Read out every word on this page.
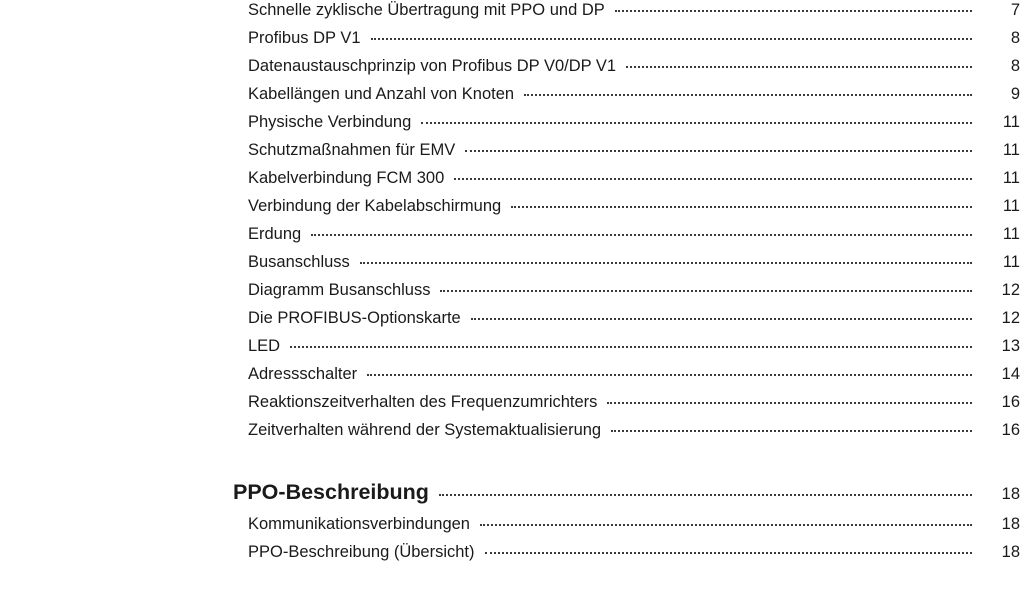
Schnelle zyklische Übertragung mit PPO und DP	7
Profibus DP V1	8
Datenaustauschprinzip von Profibus DP V0/DP V1	8
Kabellängen und Anzahl von Knoten	9
Physische Verbindung	11
Schutzmaßnahmen für EMV	11
Kabelverbindung FCM 300	11
Verbindung der Kabelabschirmung	11
Erdung	11
Busanschluss	11
Diagramm Busanschluss	12
Die PROFIBUS-Optionskarte	12
LED	13
Adressschalter	14
Reaktionszeitverhalten des Frequenzumrichters	16
Zeitverhalten während der Systemaktualisierung	16
PPO-Beschreibung	18
Kommunikationsverbindungen	18
PPO-Beschreibung (Übersicht)	18
